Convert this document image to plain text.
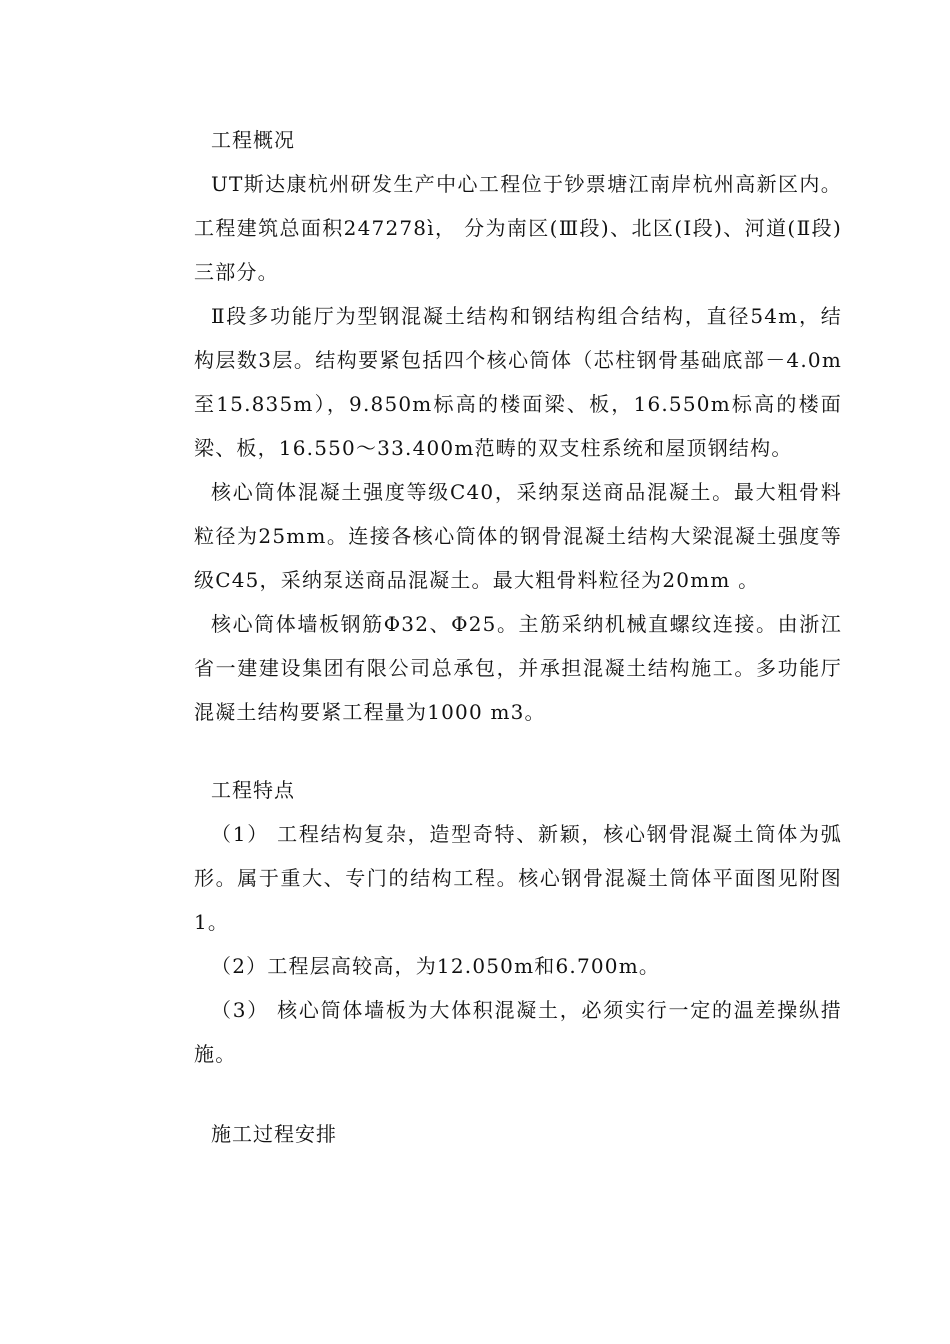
工程概况

UT斯达康杭州研发生产中心工程位于钞票塘江南岸杭州高新区内。工程建筑总面积247278ì， 分为南区(Ⅲ段)、北区(Ⅰ段)、河道(Ⅱ段) 三部分。

Ⅱ段多功能厅为型钢混凝土结构和钢结构组合结构，直径54m，结构层数3层。结构要紧包括四个核心筒体（芯柱钢骨基础底部－4.0m至15.835m），9.850m标高的楼面梁、板，16.550m标高的楼面梁、板，16.550～33.400m范畴的双支柱系统和屋顶钢结构。

核心筒体混凝土强度等级C40，采纳泵送商品混凝土。最大粗骨料粒径为25mm。连接各核心筒体的钢骨混凝土结构大梁混凝土强度等级C45，采纳泵送商品混凝土。最大粗骨料粒径为20mm 。

核心筒体墙板钢筋Φ32、Φ25。主筋采纳机械直螺纹连接。由浙江省一建建设集团有限公司总承包，并承担混凝土结构施工。多功能厅混凝土结构要紧工程量为1000 m3。

工程特点

（1） 工程结构复杂，造型奇特、新颖，核心钢骨混凝土筒体为弧形。属于重大、专门的结构工程。核心钢骨混凝土筒体平面图见附图1。

（2）工程层高较高，为12.050m和6.700m。

（3） 核心筒体墙板为大体积混凝土，必须实行一定的温差操纵措施。

施工过程安排
